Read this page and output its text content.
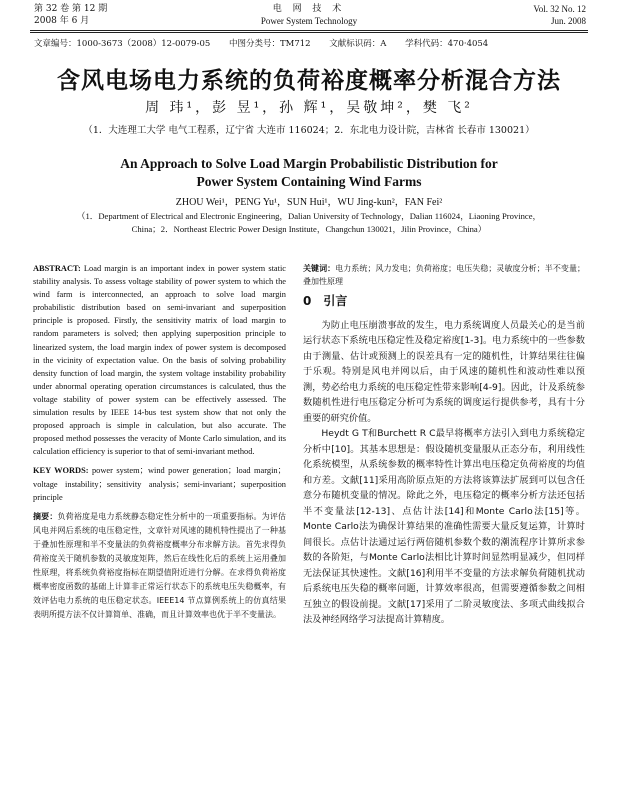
第 32 卷 第 12 期
2008 年 6 月
电 网 技 术
Power System Technology
Vol. 32 No. 12
Jun. 2008
文章编号：1000-3673（2008）12-0079-05 中图分类号：TM712 文献标识码：A 学科代码：470·4054
含风电场电力系统的负荷裕度概率分析混合方法
周 玮¹，彭 昱¹，孙 辉¹，吴敬坤²，樊 飞²
（1．大连理工大学 电气工程系，辽宁省 大连市 116024；2．东北电力设计院，吉林省 长春市 130021）
An Approach to Solve Load Margin Probabilistic Distribution for
Power System Containing Wind Farms
ZHOU Wei¹，PENG Yu¹，SUN Hui¹，WU Jing-kun²，FAN Fei²
（1．Department of Electrical and Electronic Engineering，Dalian University of Technology，Dalian 116024，Liaoning Province，
China；2．Northeast Electric Power Design Institute，Changchun 130021，Jilin Province，China）

ABSTRACT: Load margin is an important index in power system static stability analysis. To assess voltage stability of power system to which the wind farm is interconnected, an approach to solve load margin probabilistic distribution based on semi-invariant and superposition principle is proposed. Firstly, the sensitivity matrix of load margin to random parameters is solved; then applying superposition principle to linearized system, the load margin index of power system is decomposed in the vicinity of expectation value. On the basis of solving probability density function of load margin, the system voltage instability probability under abnormal operating operation circumstances is calculated, thus the voltage stability of power system can be effectively assessed. The simulation results by IEEE 14-bus test system show that not only the proposed approach is simple in calculation, but also accurate. The proposed method possesses the veracity of Monte Carlo simulation, and its calculation efficiency is superior to that of semi-invariant method.

KEY WORDS: power system；wind power generation；load margin；voltage instability；sensitivity analysis；semi-invariant；superposition principle

摘要：负荷裕度是电力系统静态稳定性分析中的一项重要指标。为评估风电并网后系统的电压稳定性，文章针对风速的随机特性提出了一种基于叠加性原理和半不变量法的负荷裕度概率分布求解方法。首先求得负荷裕度关于随机参数的灵敏度矩阵，然后在线性化后的系统上运用叠加性原理，将系统负荷裕度指标在期望值附近进行分解。在求得负荷裕度概率密度函数的基础上计算非正常运行状态下的系统电压失稳概率，有效评估电力系统的电压稳定状态。IEEE14 节点算例系统上的仿真结果表明所提方法不仅计算简单、准确，而且计算效率也优于半不变量法。

关键词：电力系统；风力发电；负荷裕度；电压失稳；灵敏度分析；半不变量；叠加性原理

0　引言

为防止电压崩溃事故的发生，电力系统调度人员最关心的是当前运行状态下系统电压稳定性及稳定裕度[1-3]。电力系统中的一些参数由于测量、估计或预测上的误差具有一定的随机性，计算结果往往偏于乐观。特别是风电并网以后，由于风速的随机性和波动性难以预测，势必给电力系统的电压稳定性带来影响[4-9]。因此，计及系统参数随机性进行电压稳定分析可为系统的调度运行提供参考，具有十分重要的研究价值。

Heydt G T和Burchett R C最早将概率方法引入到电力系统稳定分析中[10]。其基本思想是：假设随机变量服从正态分布，利用线性化系统模型，从系统参数的概率特性计算出电压稳定负荷裕度的均值和方差。文献[11]采用高阶原点矩的方法将该算法扩展到可以包含任意分布随机变量的情况。除此之外，电压稳定的概率分析方法还包括半不变量法[12-13]、点估计法[14]和Monte Carlo法[15]等。Monte Carlo法为确保计算结果的准确性需要大量反复运算，计算时间很长。点估计法通过运行两倍随机参数个数的潮流程序计算所求参数的各阶矩，与Monte Carlo法相比计算时间显然明显减少，但同样无法保证其快速性。文献[16]利用半不变量的方法求解负荷随机扰动后系统电压失稳的概率问题，计算效率很高，但需要遵循参数之间相互独立的假设前提。文献[17]采用了二阶灵敏度法、多项式曲线拟合法及神经网络学习法提高计算精度。
